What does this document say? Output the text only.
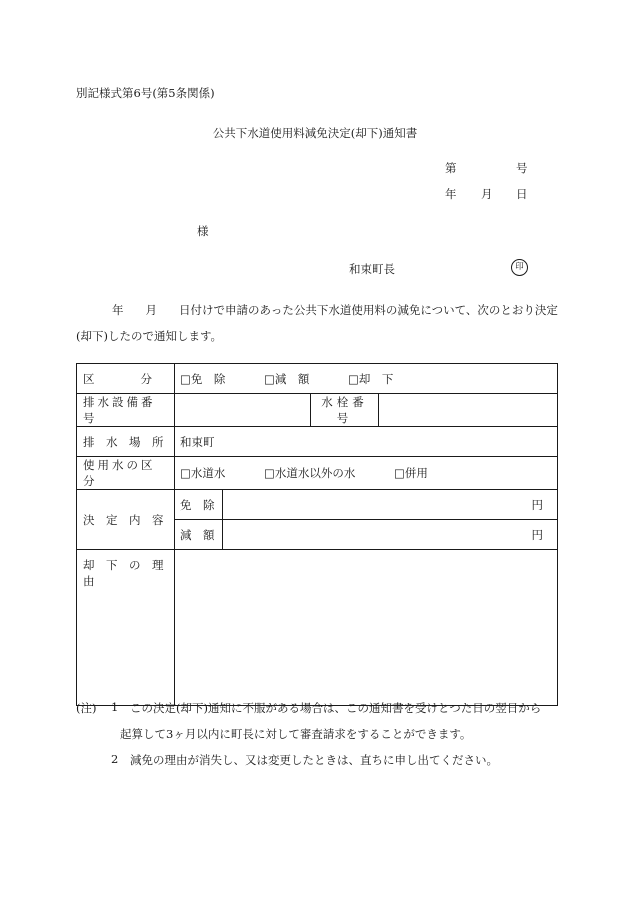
別記様式第6号(第5条関係)
公共下水道使用料減免決定(却下)通知書
第	号
年 月 日
様
和束町長	印
年 月 日付けで申請のあった公共下水道使用料の減免について、次のとおり決定(却下)したので通知します。
区　　　　分	□免　除 □減　額 □却　下			
排水設備番号			水栓番号	
排　水　場　所	和束町			
使用水の区分	□水道水 □水道水以外の水 □併用			
決　定　内　容	免　除	円		
	減　額	円		
却　下　の　理　由				
(注) 1 この決定(却下)通知に不服がある場合は、この通知書を受けとつた日の翌日から
起算して3ヶ月以内に町長に対して審査請求をすることができます。
2 減免の理由が消失し、又は変更したときは、直ちに申し出てください。
